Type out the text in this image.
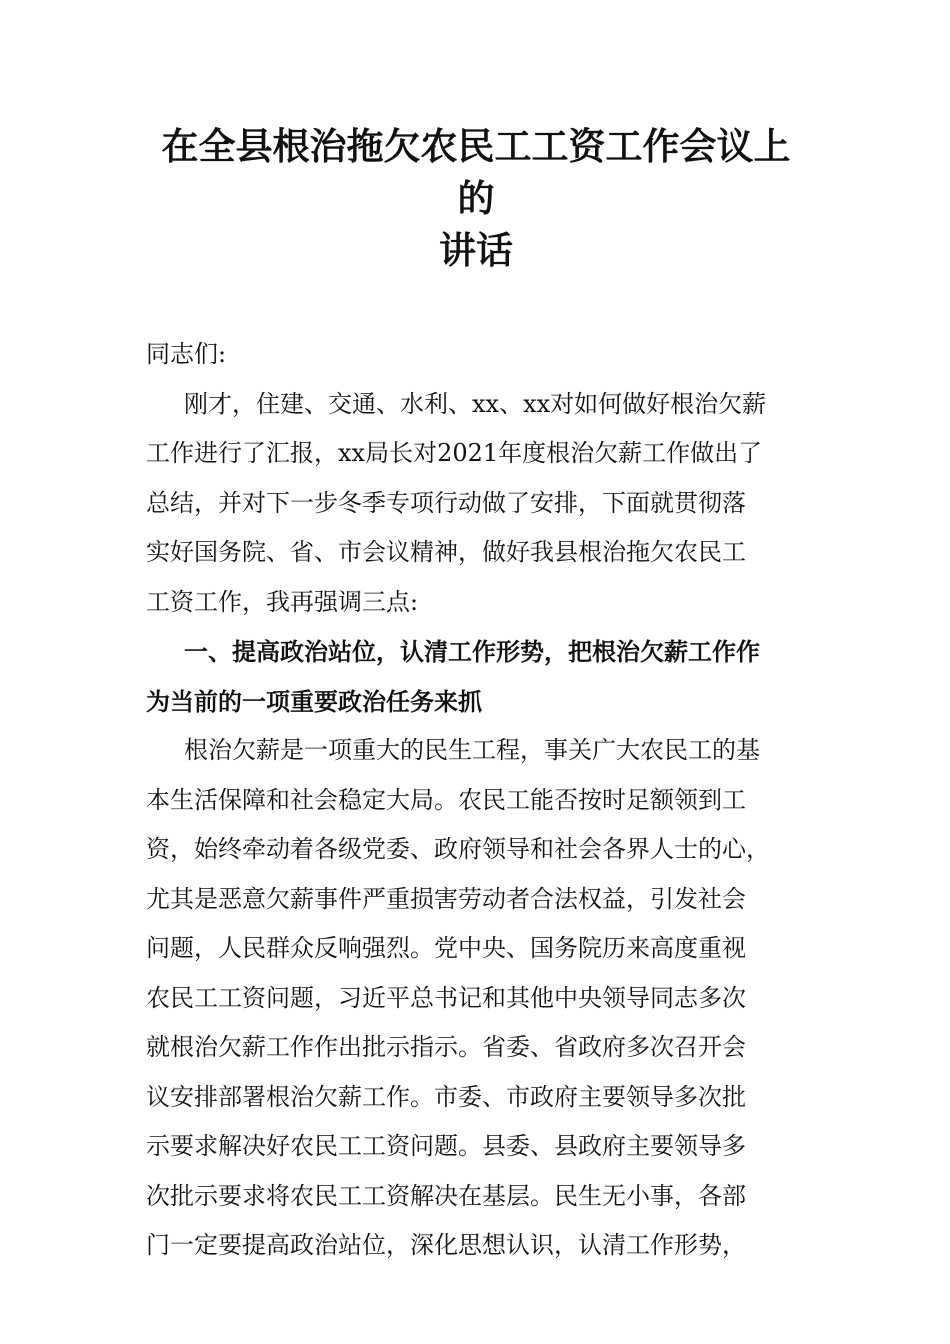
在全县根治拖欠农民工工资工作会议上的
讲话

同志们:

刚才，住建、交通、水利、xx、xx对如何做好根治欠薪
工作进行了汇报，xx局长对2021年度根治欠薪工作做出了
总结，并对下一步冬季专项行动做了安排，下面就贯彻落
实好国务院、省、市会议精神，做好我县根治拖欠农民工
工资工作，我再强调三点:

一、提高政治站位，认清工作形势，把根治欠薪工作作
为当前的一项重要政治任务来抓

根治欠薪是一项重大的民生工程，事关广大农民工的基
本生活保障和社会稳定大局。农民工能否按时足额领到工
资，始终牵动着各级党委、政府领导和社会各界人士的心，
尤其是恶意欠薪事件严重损害劳动者合法权益，引发社会
问题，人民群众反响强烈。党中央、国务院历来高度重视
农民工工资问题，习近平总书记和其他中央领导同志多次
就根治欠薪工作作出批示指示。省委、省政府多次召开会
议安排部署根治欠薪工作。市委、市政府主要领导多次批
示要求解决好农民工工资问题。县委、县政府主要领导多
次批示要求将农民工工资解决在基层。民生无小事，各部
门一定要提高政治站位，深化思想认识，认清工作形势，
